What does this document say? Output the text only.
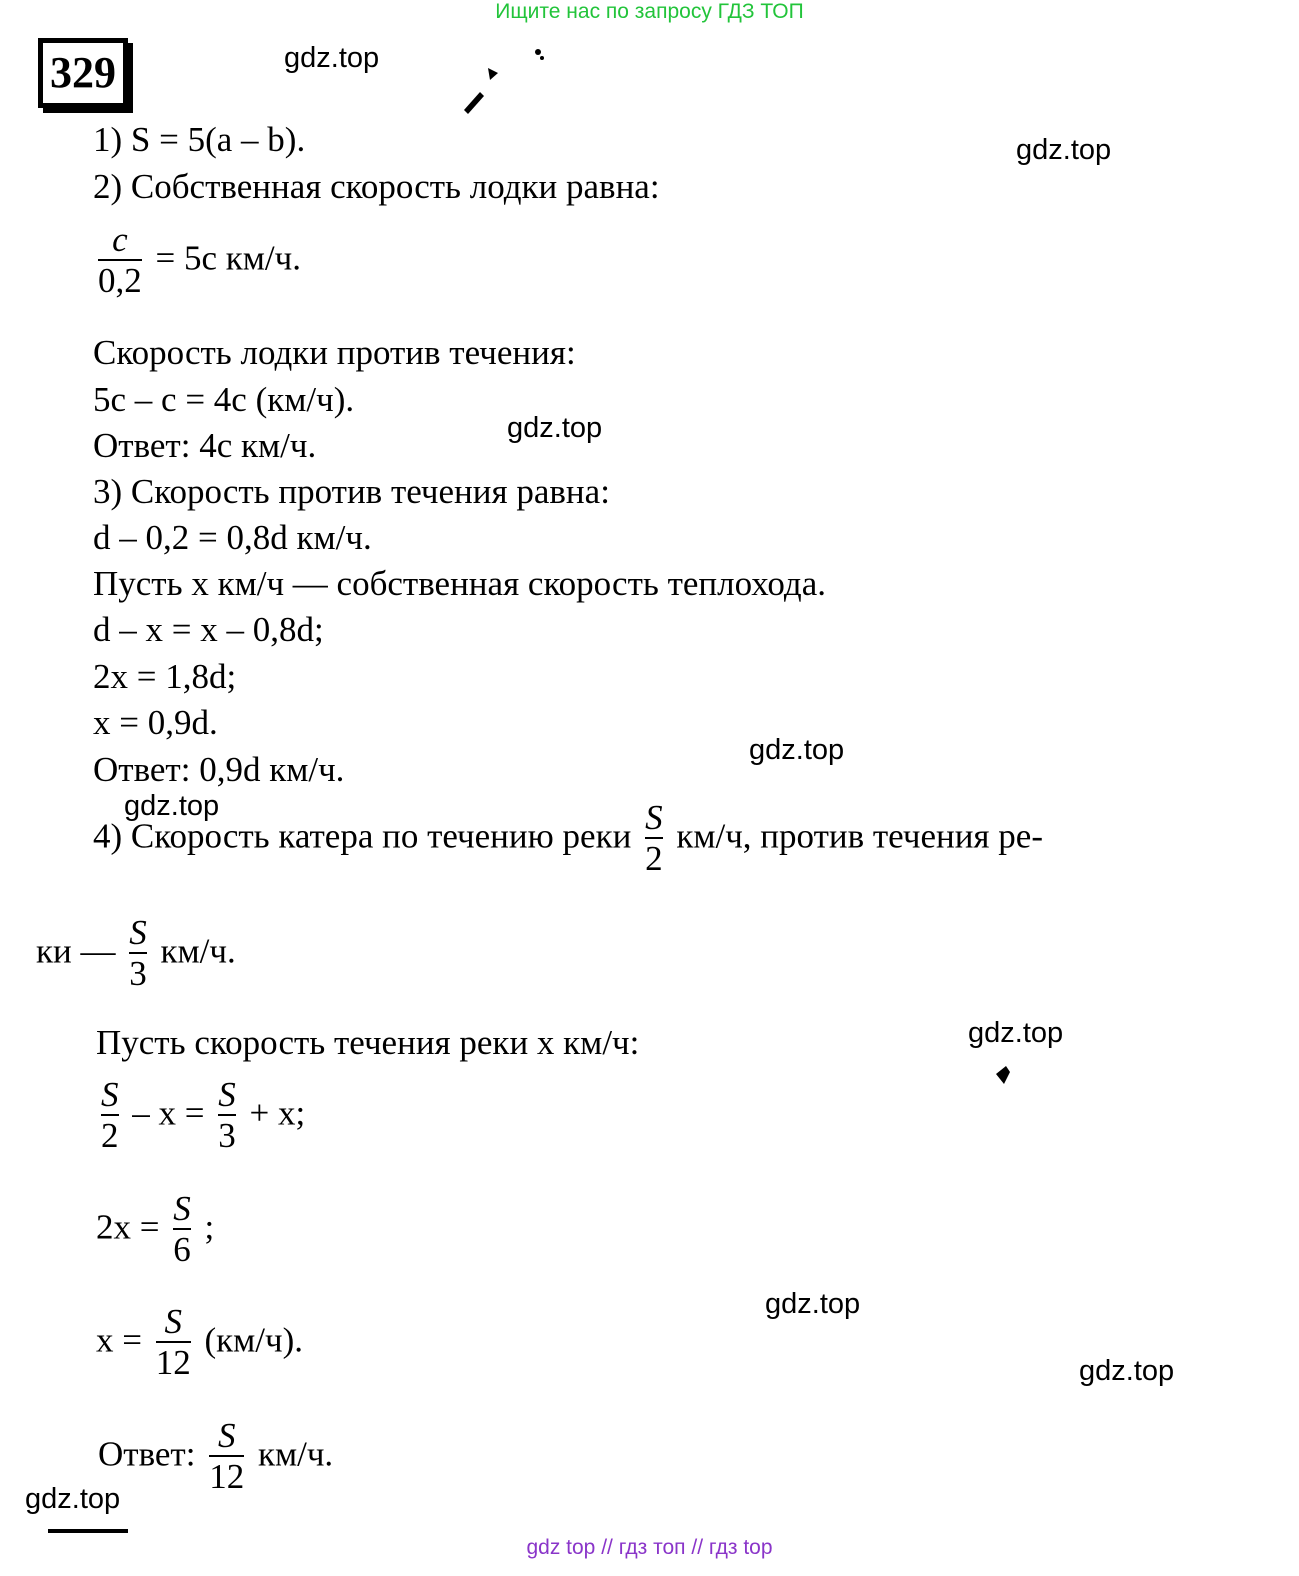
Ищите нас по запросу ГДЗ ТОП
329	gdz.top
gdz.top
gdz.top
gdz.top
gdz.top
gdz.top
gdz.top
gdz.top
gdz.top
1) S = 5(a – b).
2) Собственная скорость лодки равна:
$\frac{c}{0,2} = 5c$ км/ч.
Скорость лодки против течения:
5c – c = 4c (км/ч).
Ответ: 4c км/ч.
3) Скорость против течения равна:
d – 0,2 = 0,8d км/ч.
Пусть x км/ч — собственная скорость теплохода.
d – x = x – 0,8d;
2x = 1,8d;
x = 0,9d.
Ответ: 0,9d км/ч.
4) Скорость катера по течению реки $\frac{S}{2} км/ч$, против течения ре-
ки — $\frac{S}{3} км/ч$.
Пусть скорость течения реки x км/ч:
$\frac{S}{2} - x = \frac{S}{3} + x$;
$2x = \frac{S}{6}$ ;
$x = \frac{S}{12} (км/ч)$.
Ответ: $\frac{S}{12} км/ч$.
gdz top // гдз топ // гдз top
